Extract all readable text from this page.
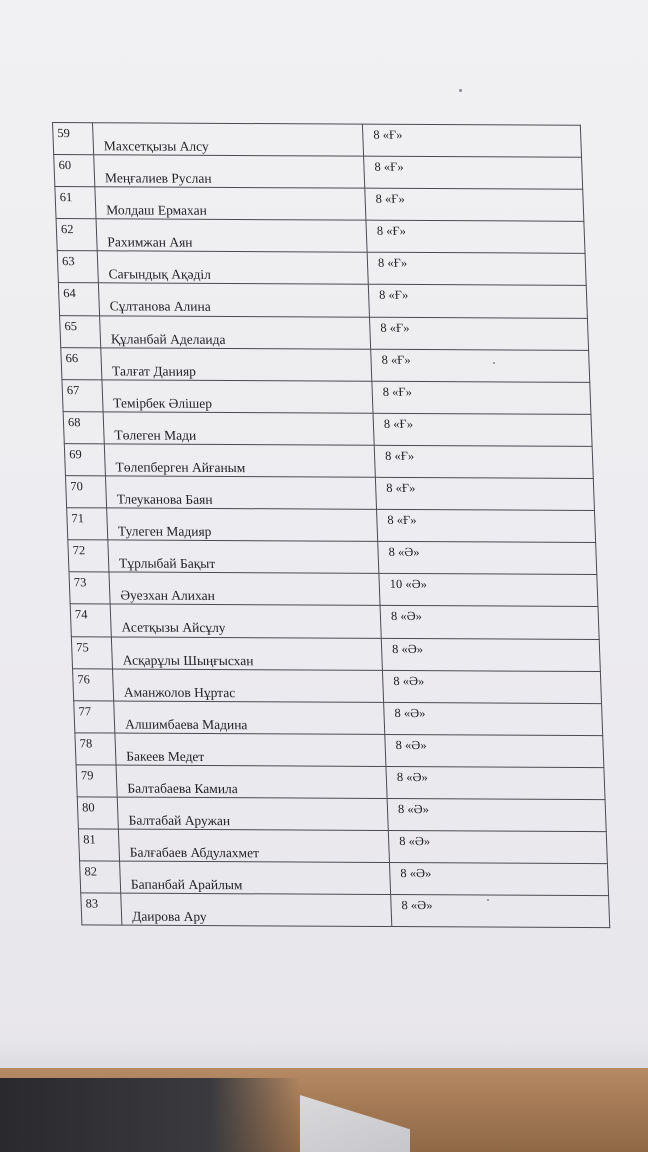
59	Махсетқызы Алсу	8 «Ғ»

60	Меңғалиев Руслан	8 «Ғ»

61	Молдаш Ермахан	8 «Ғ»

62	Рахимжан Аян	8 «Ғ»

63	Сағындық Ақәділ	8 «Ғ»

64	Сұлтанова Алина	8 «Ғ»

65	Құланбай Аделаида	8 «Ғ»

66	Талғат Данияр	8 «Ғ»

67	Темірбек Әлішер	8 «Ғ»

68	Төлеген Мади	8 «Ғ»

69	Төлепберген Айғаным	8 «Ғ»

70	Тлеуканова Баян	8 «Ғ»

71	Тулеген Мадияр	8 «Ғ»

72	Тұрлыбай Бақыт	8 «Ә»

73	Әуезхан Алихан	10 «Ә»

74	Асетқызы Айсұлу	8 «Ә»

75	Асқарұлы Шыңғысхан	8 «Ә»

76	Аманжолов Нұртас	8 «Ә»

77	Алшимбаева Мадина	8 «Ә»

78	Бакеев Медет	8 «Ә»

79	Балтабаева Камила	8 «Ә»

80	Балтабай Аружан	8 «Ә»

81	Балғабаев Абдулахмет	8 «Ә»

82	Бапанбай Арайлым	8 «Ә»

83	Даирова Ару	8 «Ә»
